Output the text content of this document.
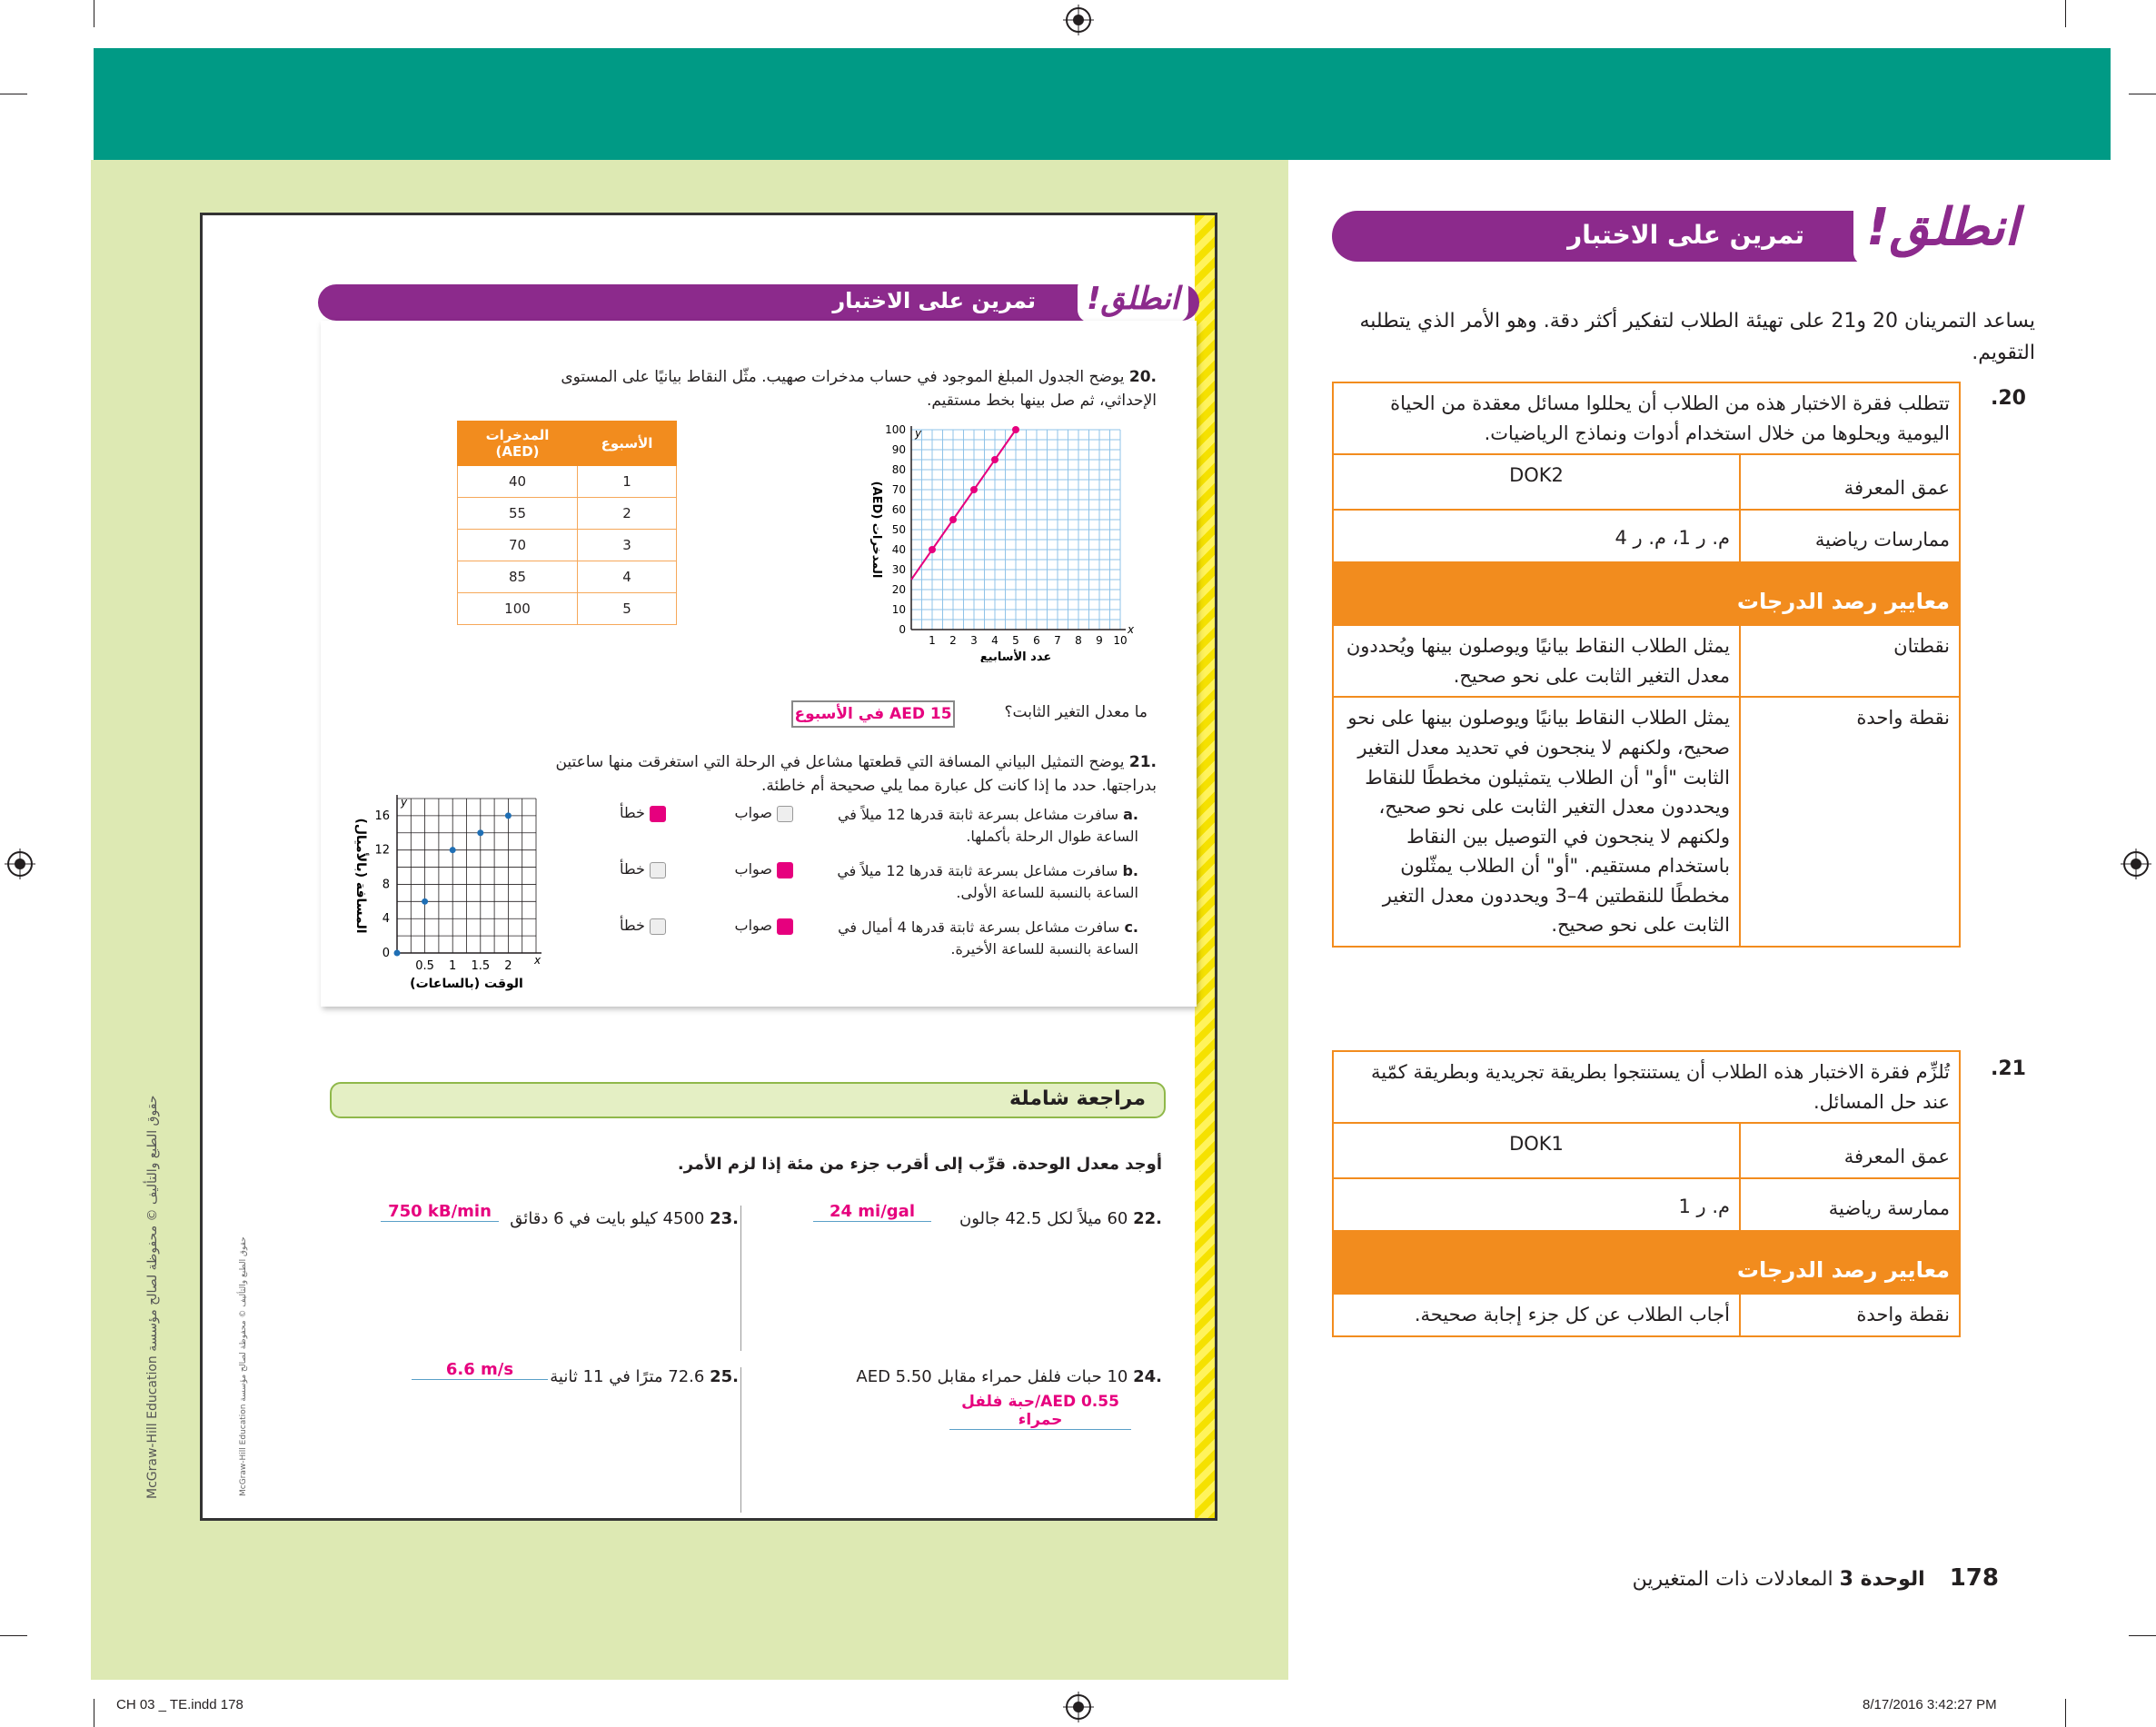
McGraw-Hill Education حقوق الطبع والتأليف © محفوظة لصالح مؤسسة
McGraw-Hill Education حقوق الطبع والتأليف © محفوظة لصالح مؤسسة
انطلق!
تمرين على الاختبار
.20 يوضح الجدول المبلغ الموجود في حساب مدخرات صهيب. مثّل النقاط بيانيًا على المستوى الإحداثي، ثم صل بينها بخط مستقيم.
الأسبوع	المدخرات (AED)
1	40
2	55
3	70
4	85
5	100
x
y
1 2 3 4 5 6 7 8 9 10
0
10
20
30
40
50
60
70
80
90
100
عدد الأسابيع
المدخرات (AED)
ما معدل التغير الثابت؟
15 AED في الأسبوع
.21 يوضح التمثيل البياني المسافة التي قطعتها مشاعل في الرحلة التي استغرقت منها ساعتين بدراجتها. حدد ما إذا كانت كل عبارة مما يلي صحيحة أم خاطئة.
.a سافرت مشاعل بسرعة ثابتة قدرها 12 ميلاً في الساعة طوال الرحلة بأكملها.
صواب
خطأ
.b سافرت مشاعل بسرعة ثابتة قدرها 12 ميلاً في الساعة بالنسبة للساعة الأولى.
صواب
خطأ
.c سافرت مشاعل بسرعة ثابتة قدرها 4 أميال في الساعة بالنسبة للساعة الأخيرة.
صواب
خطأ
x
y
0.5 1 1.5 2
0
4
8
12
16
الوقت (بالساعات)
المسافة (بالأميال)
مراجعة شاملة
أوجد معدل الوحدة. قرِّب إلى أقرب جزء من مئة إذا لزم الأمر.
.22 60 ميلاً لكل 42.5 جالون
24 mi/gal
.23 4500 كيلو بايت في 6 دقائق
750 kB/min
.24 10 حبات فلفل حمراء مقابل 5.50 AED
AED 0.55/حبة فلفل حمراء
.25 72.6 مترًا في 11 ثانية
6.6 m/s
انطلق!
تمرين على الاختبار
يساعد التمرينان 20 و21 على تهيئة الطلاب لتفكير أكثر دقة. وهو الأمر الذي يتطلبه التقويم.
.20
تتطلب فقرة الاختبار هذه من الطلاب أن يحللوا مسائل معقدة من الحياة اليومية ويحلوها من خلال استخدام أدوات ونماذج الرياضيات.	
عمق المعرفة	DOK2
ممارسات رياضية	م. ر 1، م. ر 4
معايير رصد الدرجات	
نقطتان	يمثل الطلاب النقاط بيانيًا ويوصلون بينها ويُحددون معدل التغير الثابت على نحو صحيح.
نقطة واحدة	يمثل الطلاب النقاط بيانيًا ويوصلون بينها على نحو صحيح، ولكنهم لا ينجحون في تحديد معدل التغير الثابت "أو" أن الطلاب يتمثيلون مخططًا للنقاط ويحددون معدل التغير الثابت على نحو صحيح، ولكنهم لا ينجحون في التوصيل بين النقاط باستخدام مستقيم. "أو" أن الطلاب يمثّلون مخططًا للنقطتين 4–3 ويحددون معدل التغير الثابت على نحو صحيح.
.21
تُلزِّم فقرة الاختبار هذه الطلاب أن يستنتجوا بطريقة تجريدية وبطريقة كمّية عند حل المسائل.	
عمق المعرفة	DOK1
ممارسة رياضية	م. ر 1
معايير رصد الدرجات	
نقطة واحدة	أجاب الطلاب عن كل جزء إجابة صحيحة.
178 الوحدة 3 المعادلات ذات المتغيرين
CH 03 _ TE.indd 178	8/17/2016 3:42:27 PM
